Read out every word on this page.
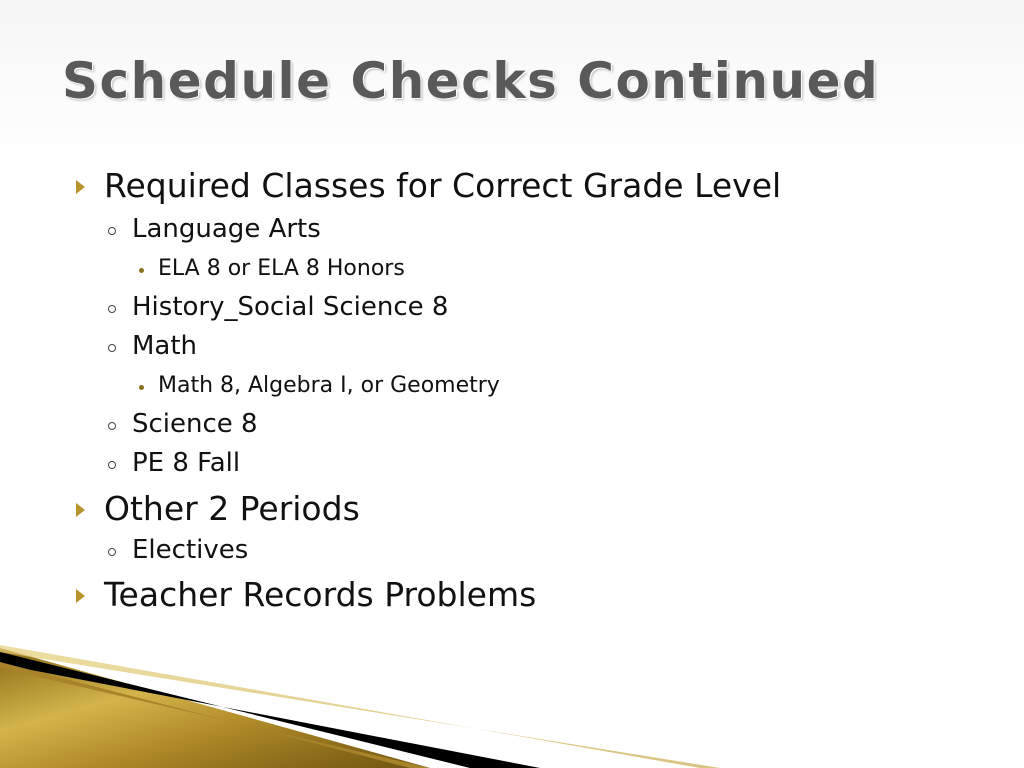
Schedule Checks Continued
Required Classes for Correct Grade Level
Language Arts
ELA 8 or ELA 8 Honors
History_Social Science 8
Math
Math 8, Algebra I, or Geometry
Science 8
PE 8 Fall
Other 2 Periods
Electives
Teacher Records Problems
